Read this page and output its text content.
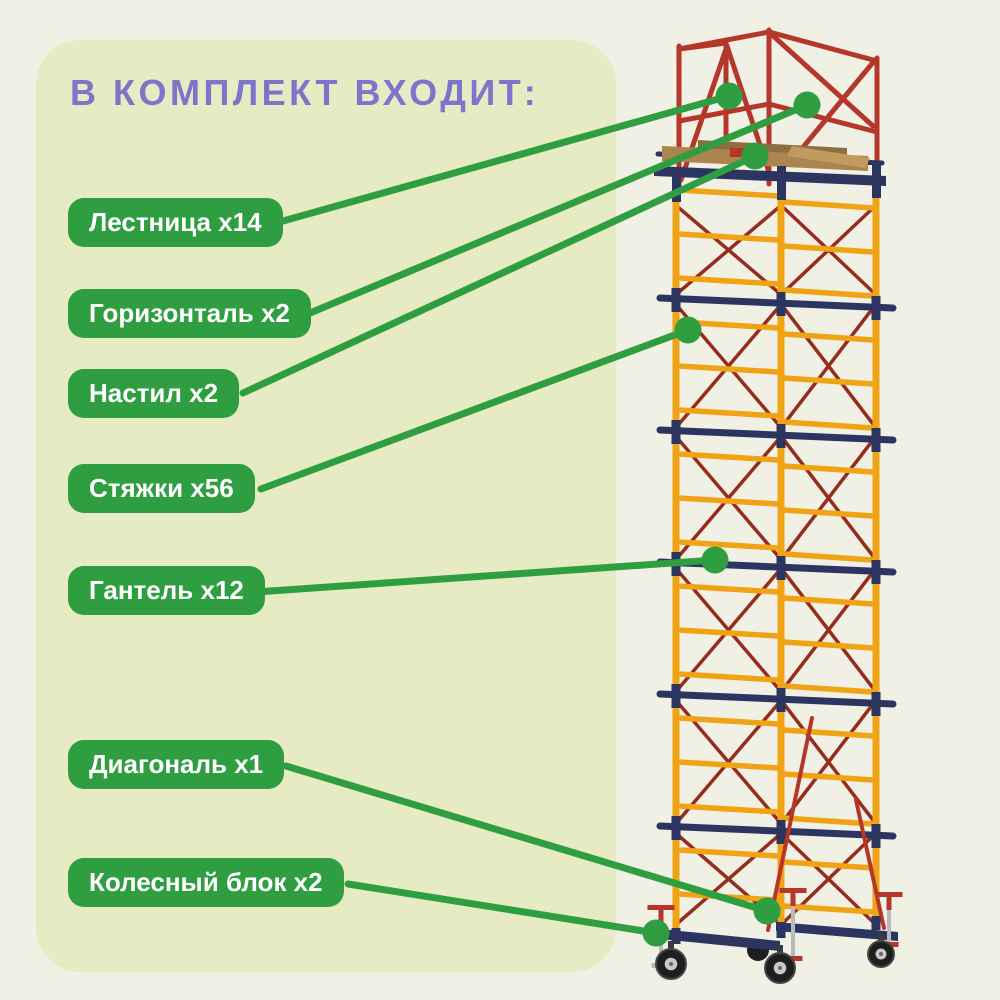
В КОМПЛЕКТ ВХОДИТ:
Лестница x14
Горизонталь x2
Настил x2
Стяжки x56
Гантель x12
Диагональ x1
Колесный блок x2
